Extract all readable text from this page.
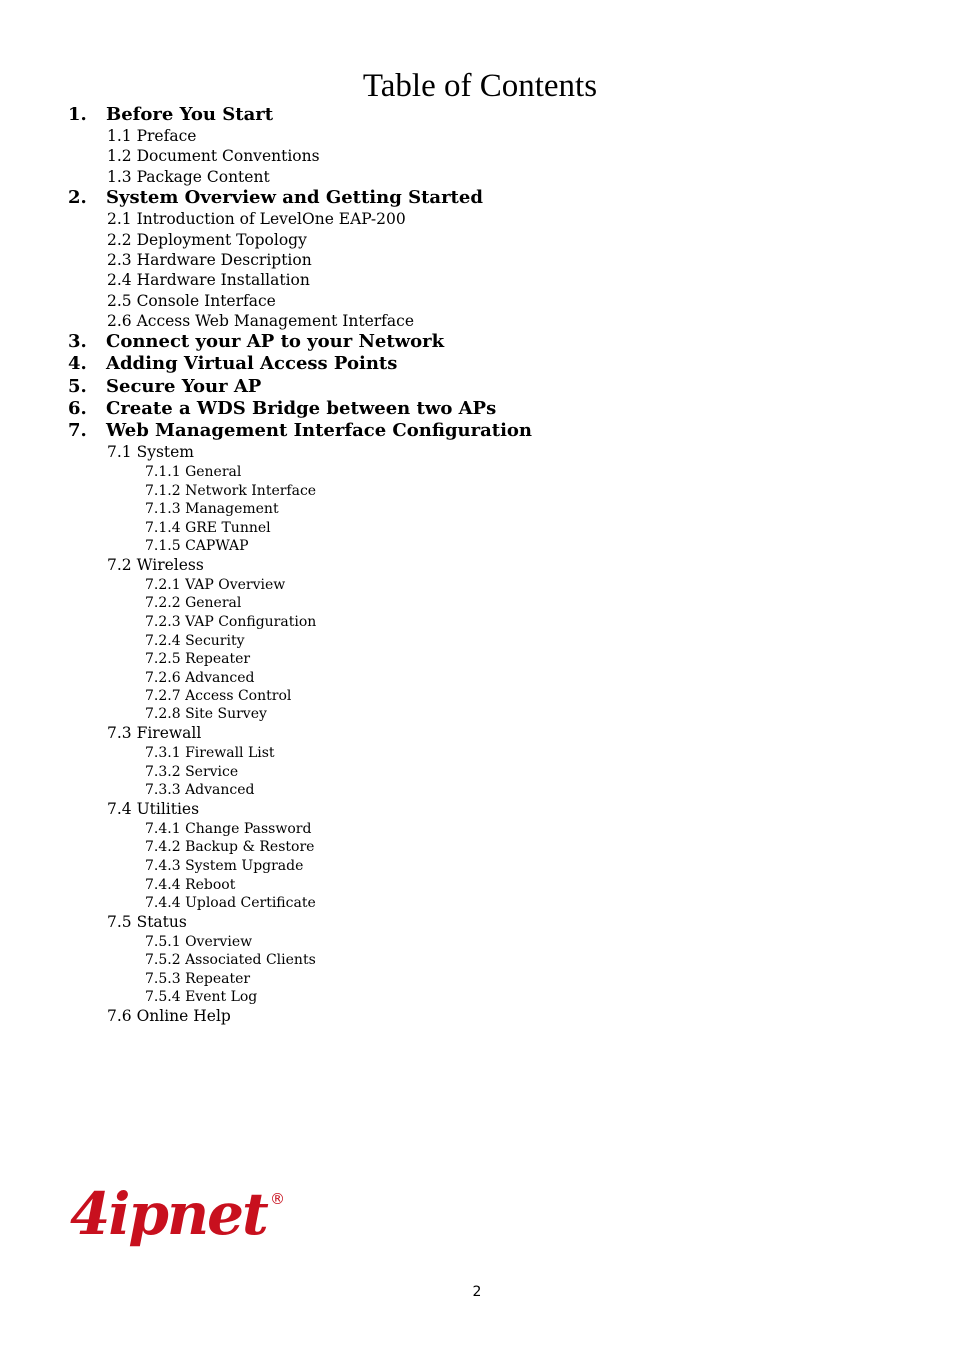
Table of Contents
1. Before You Start
1.1 Preface
1.2 Document Conventions
1.3 Package Content
2. System Overview and Getting Started
2.1 Introduction of LevelOne EAP-200
2.2 Deployment Topology
2.3 Hardware Description
2.4 Hardware Installation
2.5 Console Interface
2.6 Access Web Management Interface
3. Connect your AP to your Network
4. Adding Virtual Access Points
5. Secure Your AP
6. Create a WDS Bridge between two APs
7. Web Management Interface Configuration
7.1 System
7.1.1 General
7.1.2 Network Interface
7.1.3 Management
7.1.4 GRE Tunnel
7.1.5 CAPWAP
7.2 Wireless
7.2.1 VAP Overview
7.2.2 General
7.2.3 VAP Configuration
7.2.4 Security
7.2.5 Repeater
7.2.6 Advanced
7.2.7 Access Control
7.2.8 Site Survey
7.3 Firewall
7.3.1 Firewall List
7.3.2 Service
7.3.3 Advanced
7.4 Utilities
7.4.1 Change Password
7.4.2 Backup & Restore
7.4.3 System Upgrade
7.4.4 Reboot
7.4.4 Upload Certificate
7.5 Status
7.5.1 Overview
7.5.2 Associated Clients
7.5.3 Repeater
7.5.4 Event Log
7.6 Online Help
4ipnet ®
2
